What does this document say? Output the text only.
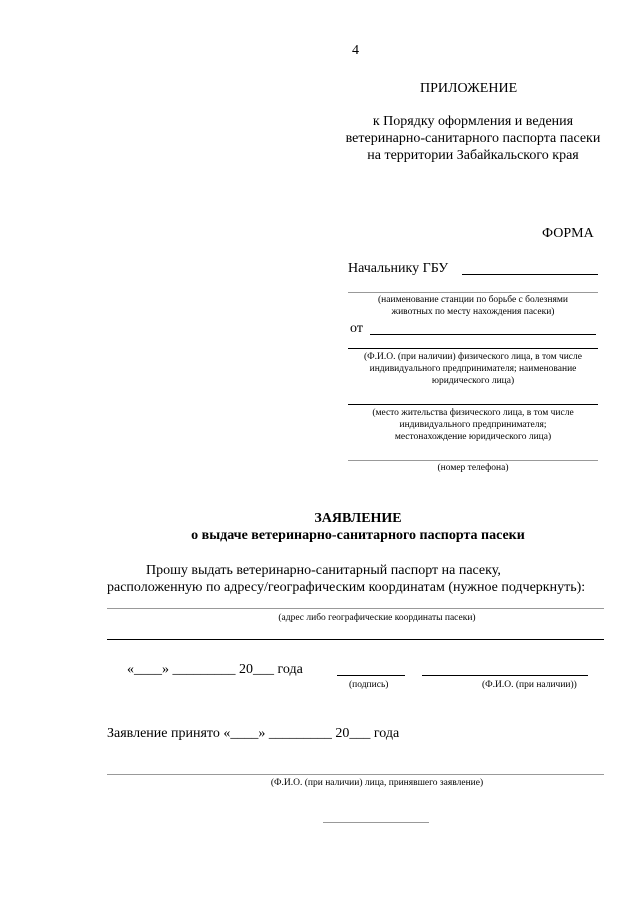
4
ПРИЛОЖЕНИЕ
к Порядку оформления и ведения
ветеринарно-санитарного паспорта пасеки
на территории Забайкальского края
ФОРМА
Начальнику ГБУ
(наименование станции по борьбе с болезнями
животных по месту нахождения пасеки)
от
(Ф.И.О. (при наличии) физического лица, в том числе
индивидуального предпринимателя; наименование
юридического лица)
(место жительства физического лица, в том числе
индивидуального предпринимателя;
местонахождение юридического лица)
(номер телефона)
ЗАЯВЛЕНИЕ
о выдаче ветеринарно-санитарного паспорта пасеки
Прошу выдать ветеринарно-санитарный паспорт на пасеку,
расположенную по адресу/географическим координатам (нужное подчеркнуть):
(адрес либо географические координаты пасеки)
«____» _________ 20___ года
(подпись)	(Ф.И.О. (при наличии))
Заявление принято «____» _________ 20___ года
(Ф.И.О. (при наличии) лица, принявшего заявление)
